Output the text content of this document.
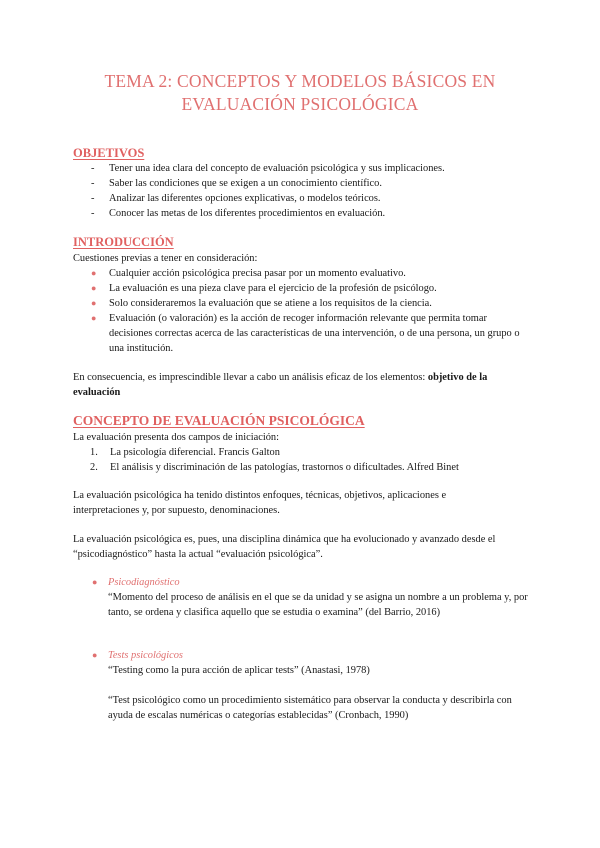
TEMA 2: CONCEPTOS Y MODELOS BÁSICOS EN
EVALUACIÓN PSICOLÓGICA
OBJETIVOS
- Tener una idea clara del concepto de evaluación psicológica y sus implicaciones.
- Saber las condiciones que se exigen a un conocimiento científico.
- Analizar las diferentes opciones explicativas, o modelos teóricos.
- Conocer las metas de los diferentes procedimientos en evaluación.
INTRODUCCIÓN

Cuestiones previas a tener en consideración:

● Cualquier acción psicológica precisa pasar por un momento evaluativo.
● La evaluación es una pieza clave para el ejercicio de la profesión de psicólogo.
● Solo consideraremos la evaluación que se atiene a los requisitos de la ciencia.
● Evaluación (o valoración) es la acción de recoger información relevante que permita tomar decisiones correctas acerca de las características de una intervención, o de una persona, un grupo o una institución.

En consecuencia, es imprescindible llevar a cabo un análisis eficaz de los elementos: objetivo de la evaluación

CONCEPTO DE EVALUACIÓN PSICOLÓGICA

La evaluación presenta dos campos de iniciación:

1. La psicología diferencial. Francis Galton
2. El análisis y discriminación de las patologías, trastornos o dificultades. Alfred Binet

La evaluación psicológica ha tenido distintos enfoques, técnicas, objetivos, aplicaciones e interpretaciones y, por supuesto, denominaciones.

La evaluación psicológica es, pues, una disciplina dinámica que ha evolucionado y avanzado desde el “psicodiagnóstico” hasta la actual “evaluación psicológica”.

● Psicodiagnóstico

“Momento del proceso de análisis en el que se da unidad y se asigna un nombre a un problema y, por tanto, se ordena y clasifica aquello que se estudia o examina” (del Barrio, 2016)

● Tests psicológicos

“Testing como la pura acción de aplicar tests” (Anastasi, 1978)

“Test psicológico como un procedimiento sistemático para observar la conducta y describirla con ayuda de escalas numéricas o categorías establecidas” (Cronbach, 1990)
